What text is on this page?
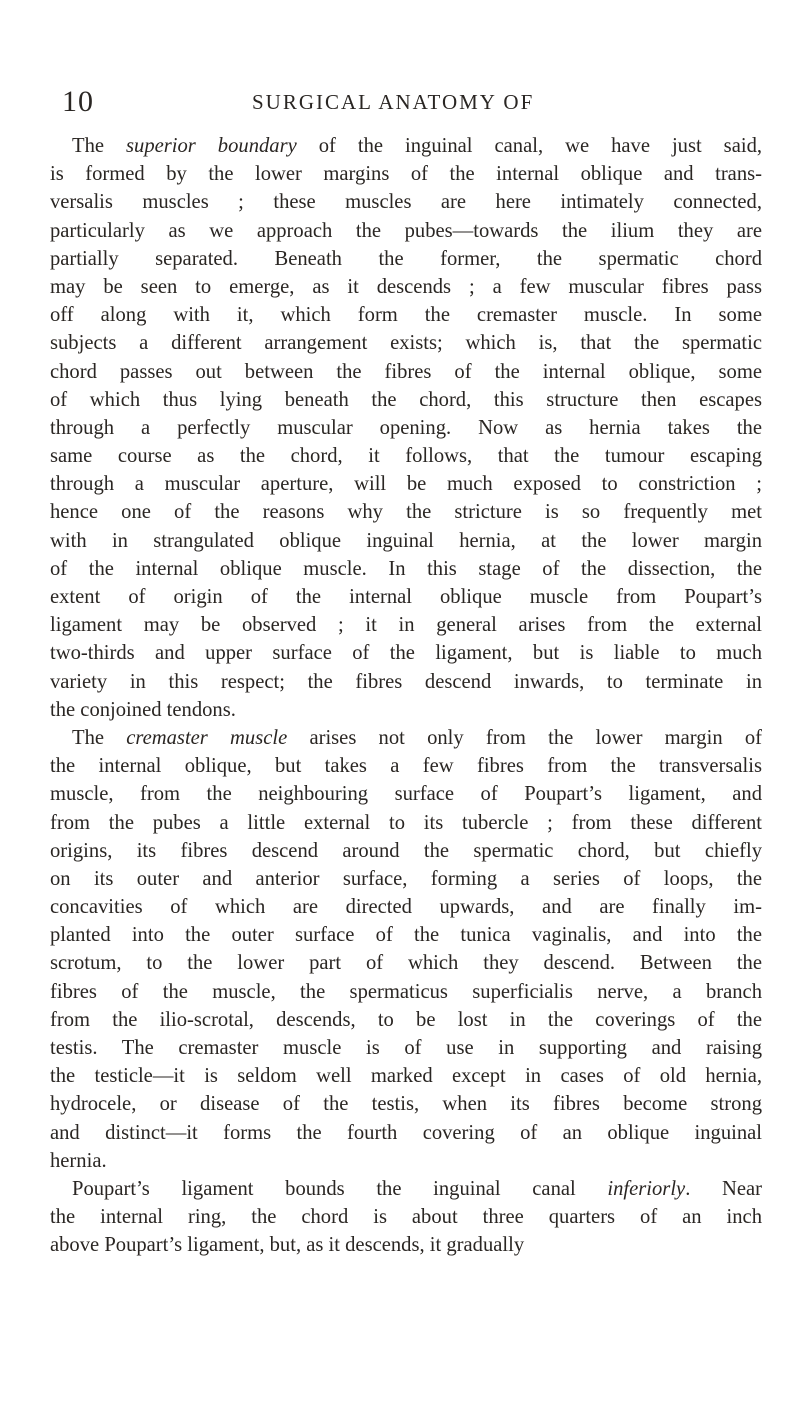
10	SURGICAL ANATOMY OF
The superior boundary of the inguinal canal, we have just said,
is formed by the lower margins of the internal oblique and trans-
versalis muscles ; these muscles are here intimately connected,
particularly as we approach the pubes—towards the ilium they are
partially separated. Beneath the former, the spermatic chord
may be seen to emerge, as it descends ; a few muscular fibres pass
off along with it, which form the cremaster muscle. In some
subjects a different arrangement exists; which is, that the spermatic
chord passes out between the fibres of the internal oblique, some
of which thus lying beneath the chord, this structure then escapes
through a perfectly muscular opening. Now as hernia takes the
same course as the chord, it follows, that the tumour escaping
through a muscular aperture, will be much exposed to constriction ;
hence one of the reasons why the stricture is so frequently met
with in strangulated oblique inguinal hernia, at the lower margin
of the internal oblique muscle. In this stage of the dissection, the
extent of origin of the internal oblique muscle from Poupart’s
ligament may be observed ; it in general arises from the external
two-thirds and upper surface of the ligament, but is liable to much
variety in this respect; the fibres descend inwards, to terminate in
the conjoined tendons.
The cremaster muscle arises not only from the lower margin of
the internal oblique, but takes a few fibres from the transversalis
muscle, from the neighbouring surface of Poupart’s ligament, and
from the pubes a little external to its tubercle ; from these different
origins, its fibres descend around the spermatic chord, but chiefly
on its outer and anterior surface, forming a series of loops, the
concavities of which are directed upwards, and are finally im-
planted into the outer surface of the tunica vaginalis, and into the
scrotum, to the lower part of which they descend. Between the
fibres of the muscle, the spermaticus superficialis nerve, a branch
from the ilio-scrotal, descends, to be lost in the coverings of the
testis. The cremaster muscle is of use in supporting and raising
the testicle—it is seldom well marked except in cases of old hernia,
hydrocele, or disease of the testis, when its fibres become strong
and distinct—it forms the fourth covering of an oblique inguinal
hernia.
Poupart’s ligament bounds the inguinal canal inferiorly. Near
the internal ring, the chord is about three quarters of an inch
above Poupart’s ligament, but, as it descends, it gradually
